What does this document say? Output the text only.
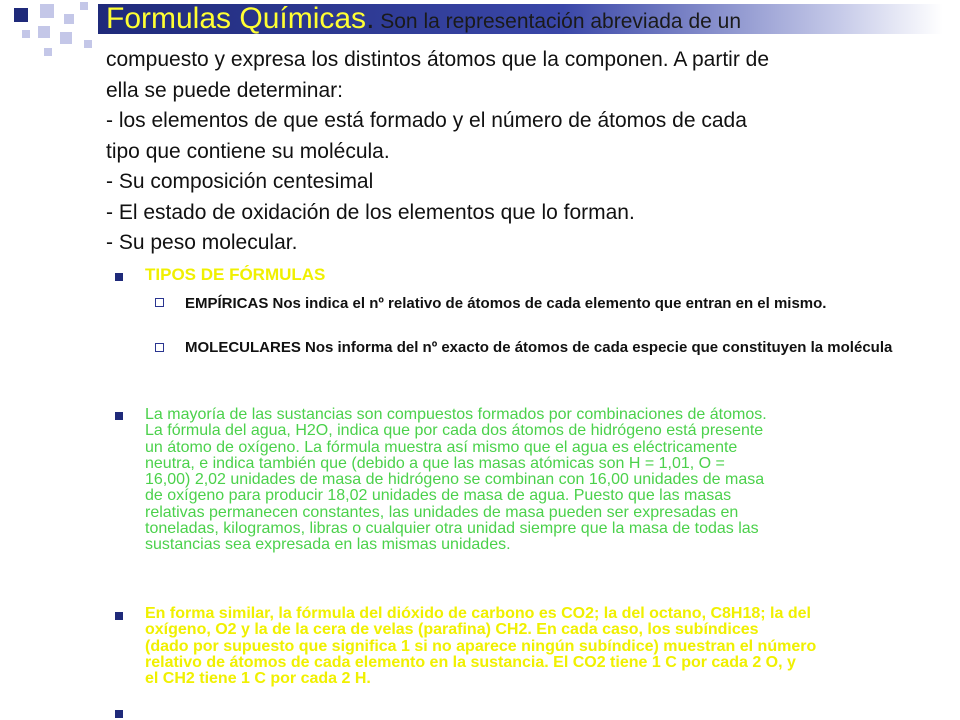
Formulas Químicas. Son la representación abreviada de un
compuesto y expresa los distintos átomos que la componen. A partir de
ella se puede determinar:
- los elementos de que está formado y el número de átomos de cada
tipo que contiene su molécula.
- Su composición centesimal
- El estado de oxidación de los elementos que lo forman.
- Su peso molecular.
TIPOS DE FÓRMULAS
EMPÍRICAS Nos indica el nº relativo de átomos de cada elemento que entran en el mismo.
MOLECULARES Nos informa del nº exacto de átomos de cada especie que constituyen la molécula
La mayoría de las sustancias son compuestos formados por combinaciones de átomos.
La fórmula del agua, H2O, indica que por cada dos átomos de hidrógeno está presente
un átomo de oxígeno. La fórmula muestra así mismo que el agua es eléctricamente
neutra, e indica también que (debido a que las masas atómicas son H = 1,01, O =
16,00) 2,02 unidades de masa de hidrógeno se combinan con 16,00 unidades de masa
de oxígeno para producir 18,02 unidades de masa de agua. Puesto que las masas
relativas permanecen constantes, las unidades de masa pueden ser expresadas en
toneladas, kilogramos, libras o cualquier otra unidad siempre que la masa de todas las
sustancias sea expresada en las mismas unidades.
En forma similar, la fórmula del dióxido de carbono es CO2; la del octano, C8H18; la del
oxígeno, O2 y la de la cera de velas (parafina) CH2. En cada caso, los subíndices
(dado por supuesto que significa 1 si no aparece ningún subíndice) muestran el número
relativo de átomos de cada elemento en la sustancia. El CO2 tiene 1 C por cada 2 O, y
el CH2 tiene 1 C por cada 2 H.
